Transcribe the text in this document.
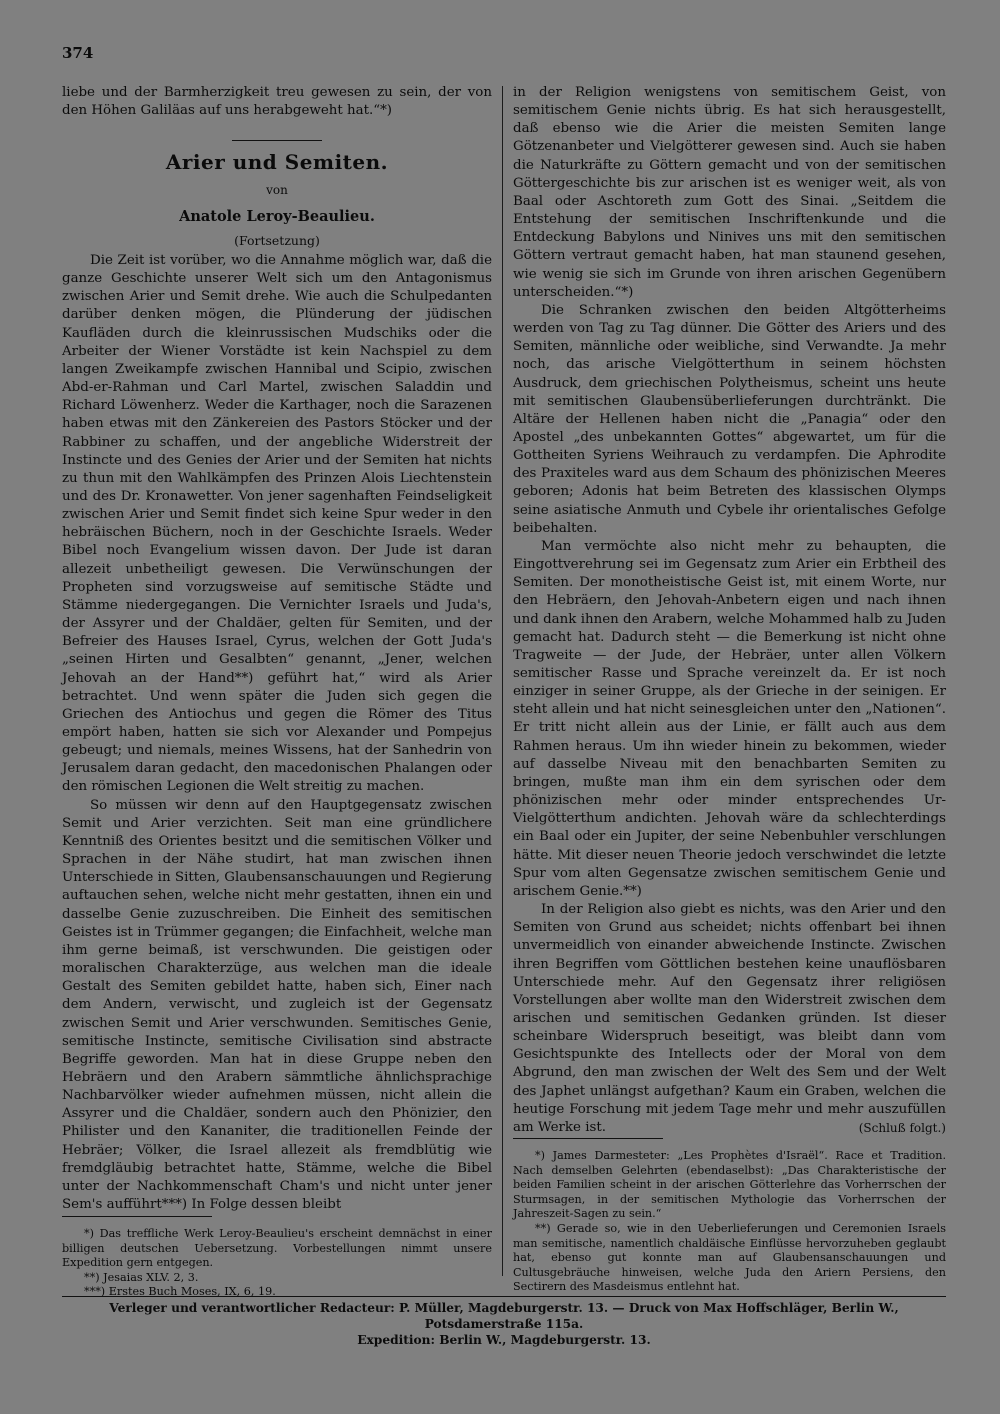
374

liebe und der Barmherzigkeit treu gewesen zu sein, der von den Höhen Galiläas auf uns herabgeweht hat.“*)

Arier und Semiten.
von
Anatole Leroy-Beaulieu.
(Fortsetzung)

Die Zeit ist vorüber, wo die Annahme möglich war, daß die ganze Geschichte unserer Welt sich um den Antagonismus zwischen Arier und Semit drehe. Wie auch die Schulpedanten darüber denken mögen, die Plünderung der jüdischen Kaufläden durch die kleinrussischen Mudschiks oder die Arbeiter der Wiener Vorstädte ist kein Nachspiel zu dem langen Zweikampfe zwischen Hannibal und Scipio, zwischen Abd-er-Rahman und Carl Martel, zwischen Saladdin und Richard Löwenherz. Weder die Karthager, noch die Sarazenen haben etwas mit den Zänkereien des Pastors Stöcker und der Rabbiner zu schaffen, und der angebliche Widerstreit der Instincte und des Genies der Arier und der Semiten hat nichts zu thun mit den Wahlkämpfen des Prinzen Alois Liechtenstein und des Dr. Kronawetter. Von jener sagenhaften Feindseligkeit zwischen Arier und Semit findet sich keine Spur weder in den hebräischen Büchern, noch in der Geschichte Israels. Weder Bibel noch Evangelium wissen davon. Der Jude ist daran allezeit unbetheiligt gewesen. Die Verwünschungen der Propheten sind vorzugsweise auf semitische Städte und Stämme niedergegangen. Die Vernichter Israels und Juda's, der Assyrer und der Chaldäer, gelten für Semiten, und der Befreier des Hauses Israel, Cyrus, welchen der Gott Juda's „seinen Hirten und Gesalbten“ genannt, „Jener, welchen Jehovah an der Hand**) geführt hat,“ wird als Arier betrachtet. Und wenn später die Juden sich gegen die Griechen des Antiochus und gegen die Römer des Titus empört haben, hatten sie sich vor Alexander und Pompejus gebeugt; und niemals, meines Wissens, hat der Sanhedrin von Jerusalem daran gedacht, den macedonischen Phalangen oder den römischen Legionen die Welt streitig zu machen.

So müssen wir denn auf den Hauptgegensatz zwischen Semit und Arier verzichten. Seit man eine gründlichere Kenntniß des Orientes besitzt und die semitischen Völker und Sprachen in der Nähe studirt, hat man zwischen ihnen Unterschiede in Sitten, Glaubensanschauungen und Regierung auftauchen sehen, welche nicht mehr gestatten, ihnen ein und dasselbe Genie zuzuschreiben. Die Einheit des semitischen Geistes ist in Trümmer gegangen; die Einfachheit, welche man ihm gerne beimaß, ist verschwunden. Die geistigen oder moralischen Charakterzüge, aus welchen man die ideale Gestalt des Semiten gebildet hatte, haben sich, Einer nach dem Andern, verwischt, und zugleich ist der Gegensatz zwischen Semit und Arier verschwunden. Semitisches Genie, semitische Instincte, semitische Civilisation sind abstracte Begriffe geworden. Man hat in diese Gruppe neben den Hebräern und den Arabern sämmtliche ähnlichsprachige Nachbarvölker wieder aufnehmen müssen, nicht allein die Assyrer und die Chaldäer, sondern auch den Phönizier, den Philister und den Kananiter, die traditionellen Feinde der Hebräer; Völker, die Israel allezeit als fremdblütig wie fremdgläubig betrachtet hatte, Stämme, welche die Bibel unter der Nachkommenschaft Cham's und nicht unter jener Sem's aufführt***) In Folge dessen bleibt

in der Religion wenigstens von semitischem Geist, von semitischem Genie nichts übrig. Es hat sich herausgestellt, daß ebenso wie die Arier die meisten Semiten lange Götzenanbeter und Vielgötterer gewesen sind. Auch sie haben die Naturkräfte zu Göttern gemacht und von der semitischen Göttergeschichte bis zur arischen ist es weniger weit, als von Baal oder Aschtoreth zum Gott des Sinai. „Seitdem die Entstehung der semitischen Inschriftenkunde und die Entdeckung Babylons und Ninives uns mit den semitischen Göttern vertraut gemacht haben, hat man staunend gesehen, wie wenig sie sich im Grunde von ihren arischen Gegenübern unterscheiden.“*)

Die Schranken zwischen den beiden Altgötterheims werden von Tag zu Tag dünner. Die Götter des Ariers und des Semiten, männliche oder weibliche, sind Verwandte. Ja mehr noch, das arische Vielgötterthum in seinem höchsten Ausdruck, dem griechischen Polytheismus, scheint uns heute mit semitischen Glaubensüberlieferungen durchtränkt. Die Altäre der Hellenen haben nicht die „Panagia“ oder den Apostel „des unbekannten Gottes“ abgewartet, um für die Gottheiten Syriens Weihrauch zu verdampfen. Die Aphrodite des Praxiteles ward aus dem Schaum des phönizischen Meeres geboren; Adonis hat beim Betreten des klassischen Olymps seine asiatische Anmuth und Cybele ihr orientalisches Gefolge beibehalten.

Man vermöchte also nicht mehr zu behaupten, die Eingottverehrung sei im Gegensatz zum Arier ein Erbtheil des Semiten. Der monotheistische Geist ist, mit einem Worte, nur den Hebräern, den Jehovah-Anbetern eigen und nach ihnen und dank ihnen den Arabern, welche Mohammed halb zu Juden gemacht hat. Dadurch steht — die Bemerkung ist nicht ohne Tragweite — der Jude, der Hebräer, unter allen Völkern semitischer Rasse und Sprache vereinzelt da. Er ist noch einziger in seiner Gruppe, als der Grieche in der seinigen. Er steht allein und hat nicht seinesgleichen unter den „Nationen“. Er tritt nicht allein aus der Linie, er fällt auch aus dem Rahmen heraus. Um ihn wieder hinein zu bekommen, wieder auf dasselbe Niveau mit den benachbarten Semiten zu bringen, mußte man ihm ein dem syrischen oder dem phönizischen mehr oder minder entsprechendes Ur-Vielgötterthum andichten. Jehovah wäre da schlechterdings ein Baal oder ein Jupiter, der seine Nebenbuhler verschlungen hätte. Mit dieser neuen Theorie jedoch verschwindet die letzte Spur vom alten Gegensatze zwischen semitischem Genie und arischem Genie.**)

In der Religion also giebt es nichts, was den Arier und den Semiten von Grund aus scheidet; nichts offenbart bei ihnen unvermeidlich von einander abweichende Instincte. Zwischen ihren Begriffen vom Göttlichen bestehen keine unauflösbaren Unterschiede mehr. Auf den Gegensatz ihrer religiösen Vorstellungen aber wollte man den Widerstreit zwischen dem arischen und semitischen Gedanken gründen. Ist dieser scheinbare Widerspruch beseitigt, was bleibt dann vom Gesichtspunkte des Intellects oder der Moral von dem Abgrund, den man zwischen der Welt des Sem und der Welt des Japhet unlängst aufgethan? Kaum ein Graben, welchen die heutige Forschung mit jedem Tage mehr und mehr auszufüllen am Werke ist.	(Schluß folgt.)

*) Das treffliche Werk Leroy-Beaulieu's erscheint demnächst in einer billigen deutschen Uebersetzung. Vorbestellungen nimmt unsere Expedition gern entgegen.

**) Jesaias XLV. 2, 3.

***) Erstes Buch Moses, IX, 6, 19.

*) James Darmesteter: „Les Prophètes d'Israël“. Race et Tradition. Nach demselben Gelehrten (ebendaselbst): „Das Charakteristische der beiden Familien scheint in der arischen Götterlehre das Vorherrschen der Sturmsagen, in der semitischen Mythologie das Vorherrschen der Jahreszeit-Sagen zu sein.“

**) Gerade so, wie in den Ueberlieferungen und Ceremonien Israels man semitische, namentlich chaldäische Einflüsse hervorzuheben geglaubt hat, ebenso gut konnte man auf Glaubensanschauungen und Cultusgebräuche hinweisen, welche Juda den Ariern Persiens, den Sectirern des Masdeismus entlehnt hat.

Verleger und verantwortlicher Redacteur: P. Müller, Magdeburgerstr. 13. — Druck von Max Hoffschläger, Berlin W., Potsdamerstraße 115a.
Expedition: Berlin W., Magdeburgerstr. 13.
